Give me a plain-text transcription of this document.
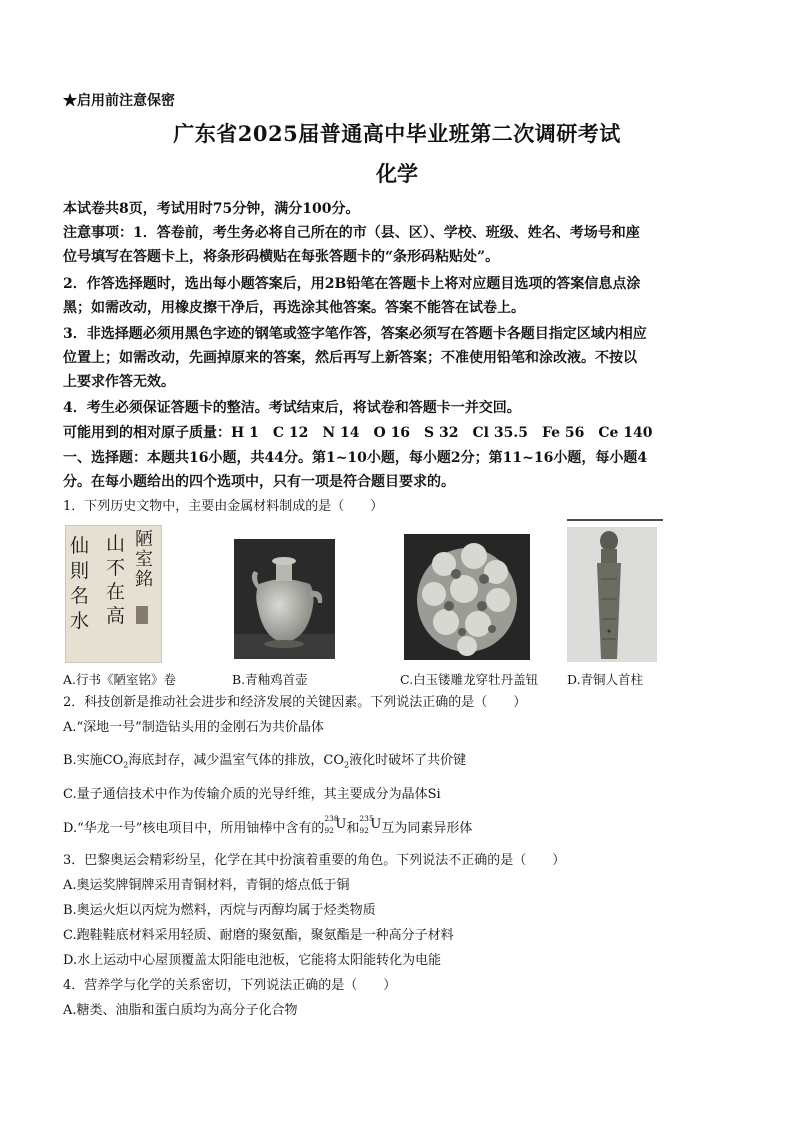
★启用前注意保密
广东省2025届普通高中毕业班第二次调研考试
化学
本试卷共8页，考试用时75分钟，满分100分。
注意事项：1．答卷前，考生务必将自己所在的市（县、区）、学校、班级、姓名、考场号和座
位号填写在答题卡上，将条形码横贴在每张答题卡的“条形码粘贴处”。
2．作答选择题时，选出每小题答案后，用2B铅笔在答题卡上将对应题目选项的答案信息点涂
黑；如需改动，用橡皮擦干净后，再选涂其他答案。答案不能答在试卷上。
3．非选择题必须用黑色字迹的钢笔或签字笔作答，答案必须写在答题卡各题目指定区域内相应
位置上；如需改动，先画掉原来的答案，然后再写上新答案；不准使用铅笔和涂改液。不按以
上要求作答无效。
4．考生必须保证答题卡的整洁。考试结束后，将试卷和答题卡一并交回。
可能用到的相对原子质量：H 1　C 12　N 14　O 16　S 32　Cl 35.5　Fe 56　Ce 140
一、选择题：本题共16小题，共44分。第1~10小题，每小题2分；第11~16小题，每小题4
分。在每小题给出的四个选项中，只有一项是符合题目要求的。
1．下列历史文物中，主要由金属材料制成的是（　　）
陋
室
銘
山
不
在
高
仙
則
名
水
A.行书《陋室铭》卷	B.青釉鸡首壶	C.白玉镂雕龙穿牡丹盖钮 D.青铜人首柱
2．科技创新是推动社会进步和经济发展的关键因素。下列说法正确的是（　　）
A.“深地一号”制造钻头用的金刚石为共价晶体
B.实施$CO_2$海底封存，减少温室气体的排放，$CO_2$液化时破坏了共价键
C.量子通信技术中作为传输介质的光导纤维，其主要成分为晶体Si
D.“华龙一号”核电项目中，所用铀棒中含有的
238
92 U 和
235
92 U 互为同素异形体
3．巴黎奥运会精彩纷呈，化学在其中扮演着重要的角色。下列说法不正确的是（　　）
A.奥运奖牌铜牌采用青铜材料，青铜的熔点低于铜
B.奥运火炬以丙烷为燃料，丙烷与丙醇均属于烃类物质
C.跑鞋鞋底材料采用轻质、耐磨的聚氨酯，聚氨酯是一种高分子材料
D.水上运动中心屋顶覆盖太阳能电池板，它能将太阳能转化为电能
4．营养学与化学的关系密切，下列说法正确的是（　　）
A.糖类、油脂和蛋白质均为高分子化合物
